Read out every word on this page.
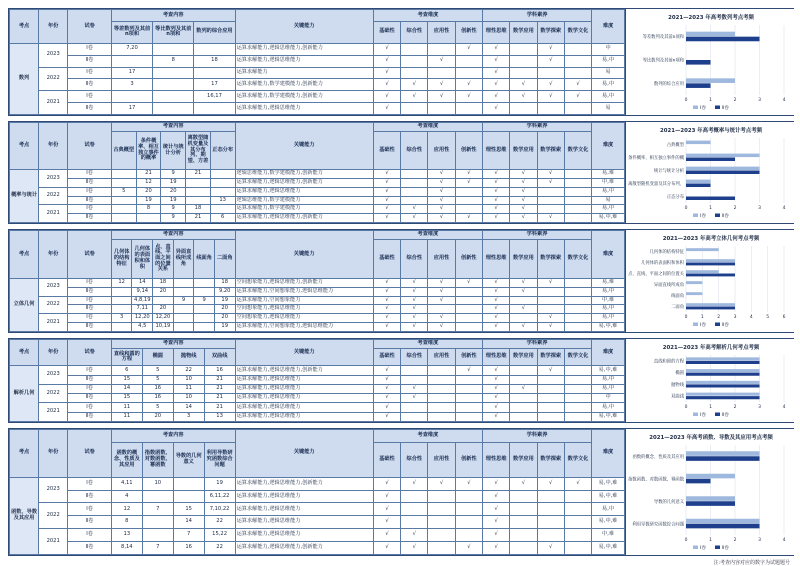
考点	年份	试卷	考查内容			关键能力	考查维度				学科素养				难度
			等差数列及其前n项和	等比数列及其前n项和	数列的综合应用		基础性	综合性	应用性	创新性	理性思维	数学应用	数学探索	数学文化	
数列	2023	Ⅰ卷	7,20			运算求解能力,逻辑思维能力,创新能力	√			√	√		√		中
		Ⅱ卷		8	18	运算求解能力,逻辑思维能力	√		√		√		√		易,中
	2022	Ⅰ卷	17			运算求解能力	√				√				易
		Ⅱ卷	3		17	运算求解能力,数学建模能力,创新能力	√	√	√	√	√	√	√	√	易,中
	2021	Ⅰ卷			16,17	运算求解能力,数学建模能力,创新能力	√	√	√	√	√	√	√	√	易,中
		Ⅱ卷	17			运算求解能力,逻辑思维能力	√				√				易
2021—2023 年高考数列考点考频
0	1	2	3	4
等差数列及其前n项和
等比数列及其前n项和
数列的综合应用
Ⅰ卷	Ⅱ卷
考点	年份	试卷	考查内容					关键能力	考查维度				学科素养				难度
			古典概型	条件概率、相互独立事件的概率	统计与统计分析	离散型随机变量及其分布列、期望、方差	正态分布		基础性	综合性	应用性	创新性	理性思维	数学应用	数学探索	数学文化	
概率与统计	2023	Ⅰ卷		21	9	21		逻辑思维能力,数学建模能力,创新能力	√		√	√	√	√	√		易,难
		Ⅱ卷		12	19			运算求解能力,逻辑思维能力,创新能力	√		√	√	√	√	√		中,难
	2022	Ⅰ卷	5	20	20			运算求解能力,逻辑思维能力	√		√		√	√			易,中
		Ⅱ卷		19	19		13	逻辑思维能力,数学建模能力	√		√		√	√			易
	2021	Ⅰ卷		8	9	18		运算求解能力,数学建模能力	√	√	√		√	√			易,中
		Ⅱ卷			9	21	6	运算求解能力,逻辑思维能力,创新能力	√	√	√	√	√	√	√		易,中,难
2021—2023 年高考概率与统计考点考频
0	1	2	3	4
古典概型
条件概率、相互独立事件的概
统计与统计分析
离散型随机变量及其分布列、
正态分布
Ⅰ卷	Ⅱ卷
考点	年份	试卷	考查内容						关键能力	考查维度				学科素养				难度
			几何体的结构特征	几何体的表面积和体积	点、直线、平面之间的位置关系	异面直线所成角	线面角	二面角		基础性	综合性	应用性	创新性	理性思维	数学应用	数学探索	数学文化	
立体几何	2023	Ⅰ卷	12	14	18			18	空间想象能力,逻辑思维能力,创新能力	√	√	√	√	√	√	√		易,难
		Ⅱ卷		9,14	20			9,20	运算求解能力,空间想象能力,逻辑思维能力	√	√	√		√	√			易,中
	2022	Ⅰ卷		4,8,19		9	9	19	运算求解能力,空间想象能力	√	√	√		√				中,难
		Ⅱ卷		7,11	20			20	空间想象能力,逻辑思维能力	√	√			√	√			易,中
	2021	Ⅰ卷	3	12,20	12,20			20	空间想象能力,逻辑思维能力	√	√	√		√		√		易,中
		Ⅱ卷		4,5	10,19			19	运算求解能力,空间想象能力,逻辑思维能力	√	√	√		√	√	√		易,中,难
2021—2023 年高考立体几何考点考频
0	1	2	3	4	5	6
几何体的结构特征
几何体的表面积和体积
点、直线、平面之间的位置关
异面直线所成角
线面角
二面角
Ⅰ卷	Ⅱ卷
考点	年份	试卷	考查内容				关键能力	考查维度				学科素养				难度
			直线和圆的方程	椭圆	抛物线	双曲线		基础性	综合性	应用性	创新性	理性思维	数学应用	数学探索	数学文化	
解析几何	2023	Ⅰ卷	6	5	22	16	运算求解能力,逻辑思维能力,创新能力	√			√	√		√		易,中,难
		Ⅱ卷	15	5	10	21	运算求解能力,逻辑思维能力	√				√				易,中
	2022	Ⅰ卷	14	16	11	21	运算求解能力,逻辑思维能力	√	√			√	√			易,中
		Ⅱ卷	15	16	10	21	运算求解能力,逻辑思维能力	√	√			√				中
	2021	Ⅰ卷	11	5	14	21	运算求解能力,逻辑思维能力	√				√				易,中
		Ⅱ卷	11	20	3	13	运算求解能力,逻辑思维能力	√				√				易,中,难
2021—2023 年高考解析几何考点考频
0	1	2	3	4
直线和圆的方程
椭圆
抛物线
双曲线
Ⅰ卷	Ⅱ卷
考点	年份	试卷	考查内容				关键能力	考查维度				学科素养				难度
			函数的概念、性质及其应用	指数函数、对数函数、幂函数	导数的几何意义	利用导数研究函数综合问题		基础性	综合性	应用性	创新性	理性思维	数学应用	数学探索	数学文化	
函数、导数及其应用	2023	Ⅰ卷	4,11	10		19	运算求解能力,逻辑思维能力,创新能力	√	√	√	√	√	√	√	√	易,中,难
		Ⅱ卷	4			6,11,22	运算求解能力,逻辑思维能力	√				√				易,中,难
	2022	Ⅰ卷	12	7	15	7,10,22	运算求解能力,逻辑思维能力	√				√				易,中
		Ⅱ卷	8		14	22	运算求解能力,逻辑思维能力	√				√				易,中,难
	2021	Ⅰ卷	13		7	15,22	运算求解能力,逻辑思维能力	√	√			√				中,难
		Ⅱ卷	8,14	7	16	22	运算求解能力,逻辑思维能力,创新能力	√	√		√	√		√		易,中,难
2021—2023 年高考函数、导数及其应用考点考频
0	1	2	3	4
函数的概念、性质及其应用
指数函数、对数函数、幂函数
导数的几何意义
利用导数研究函数综合问题
Ⅰ卷	Ⅱ卷
注:考查内容对应的数字为试题题号
